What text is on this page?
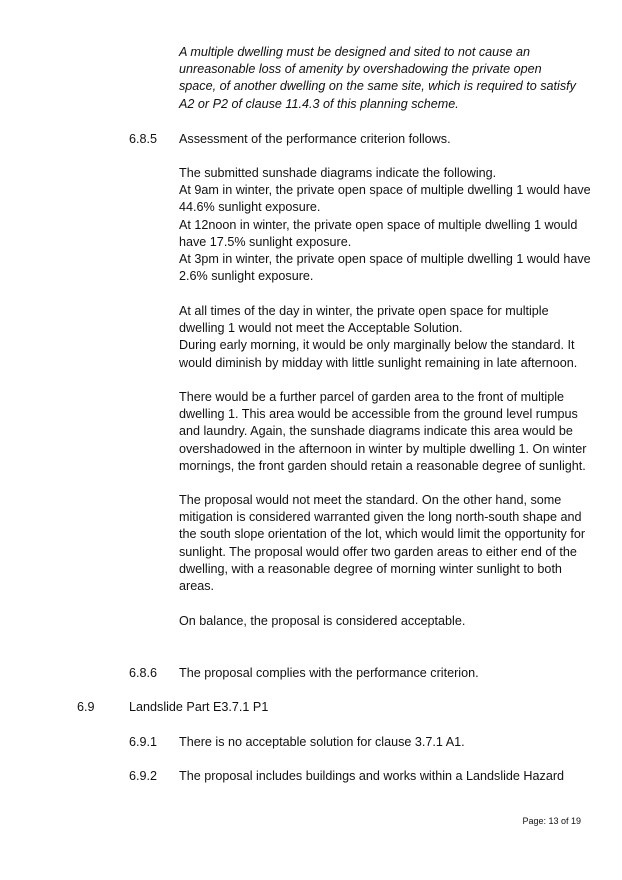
A multiple dwelling must be designed and sited to not cause an
unreasonable loss of amenity by overshadowing the private open
space, of another dwelling on the same site, which is required to satisfy
A2 or P2 of clause 11.4.3 of this planning scheme.
6.8.5 Assessment of the performance criterion follows.
The submitted sunshade diagrams indicate the following.
At 9am in winter, the private open space of multiple dwelling 1 would have
44.6% sunlight exposure.
At 12noon in winter, the private open space of multiple dwelling 1 would
have 17.5% sunlight exposure.
At 3pm in winter, the private open space of multiple dwelling 1 would have
2.6% sunlight exposure.
At all times of the day in winter, the private open space for multiple
dwelling 1 would not meet the Acceptable Solution.
During early morning, it would be only marginally below the standard. It
would diminish by midday with little sunlight remaining in late afternoon.
There would be a further parcel of garden area to the front of multiple
dwelling 1. This area would be accessible from the ground level rumpus
and laundry. Again, the sunshade diagrams indicate this area would be
overshadowed in the afternoon in winter by multiple dwelling 1. On winter
mornings, the front garden should retain a reasonable degree of sunlight.
The proposal would not meet the standard. On the other hand, some
mitigation is considered warranted given the long north-south shape and
the south slope orientation of the lot, which would limit the opportunity for
sunlight. The proposal would offer two garden areas to either end of the
dwelling, with a reasonable degree of morning winter sunlight to both
areas.
On balance, the proposal is considered acceptable.
6.8.6 The proposal complies with the performance criterion.
6.9	Landslide Part E3.7.1 P1
6.9.1 There is no acceptable solution for clause 3.7.1 A1.
6.9.2 The proposal includes buildings and works within a Landslide Hazard
Page: 13 of 19
